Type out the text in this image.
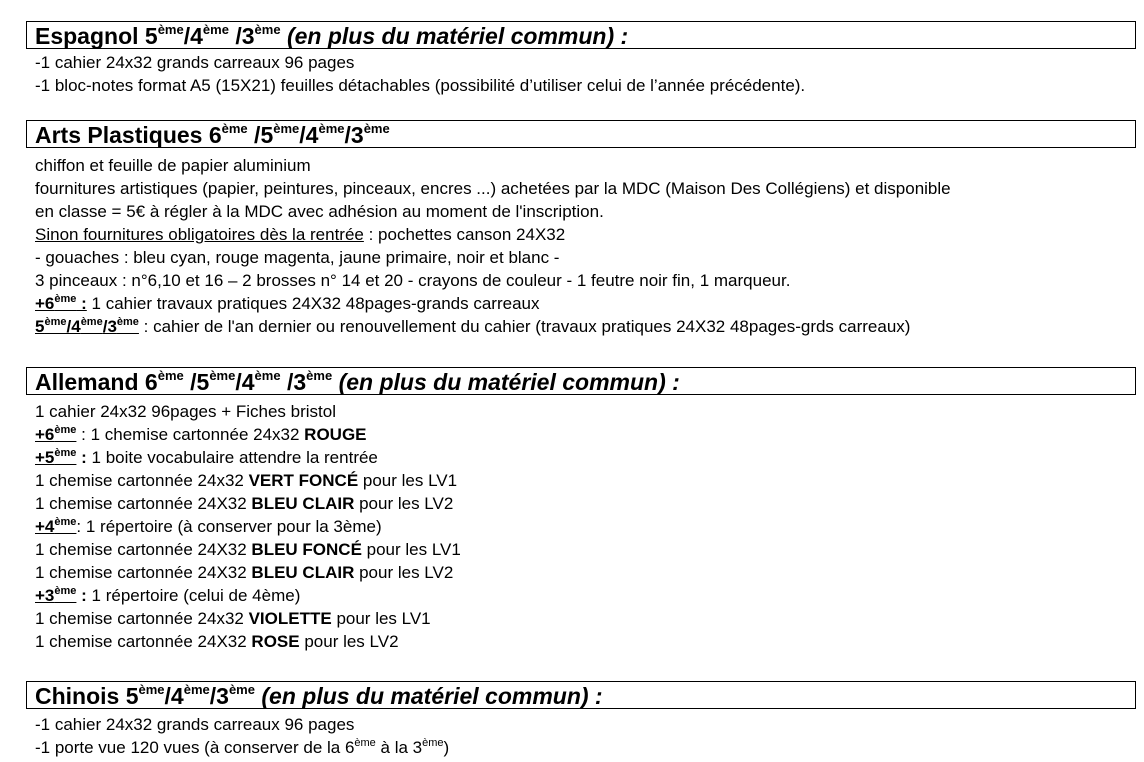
Espagnol 5ème/4ème /3ème (en plus du matériel commun) :
-1 cahier 24x32 grands carreaux 96 pages
-1 bloc-notes format A5 (15X21) feuilles détachables (possibilité d’utiliser celui de l’année précédente).
Arts Plastiques 6ème /5ème/4ème/3ème
chiffon et feuille de papier aluminium
fournitures artistiques (papier, peintures, pinceaux, encres ...) achetées par la MDC (Maison Des Collégiens) et disponible
en classe = 5€ à régler à la MDC avec adhésion au moment de l'inscription.
Sinon fournitures obligatoires dès la rentrée : pochettes canson 24X32
- gouaches : bleu cyan, rouge magenta, jaune primaire, noir et blanc -
3 pinceaux : n°6,10 et 16 – 2 brosses n° 14 et 20 - crayons de couleur - 1 feutre noir fin, 1 marqueur.
+6ème : 1 cahier travaux pratiques 24X32 48pages-grands carreaux
5ème/4ème/3ème : cahier de l'an dernier ou renouvellement du cahier (travaux pratiques 24X32 48pages-grds carreaux)
Allemand 6ème /5ème/4ème /3ème (en plus du matériel commun) :
1 cahier 24x32 96pages + Fiches bristol
+6ème : 1 chemise cartonnée 24x32 ROUGE
+5ème : 1 boite vocabulaire attendre la rentrée
1 chemise cartonnée 24x32 VERT FONCÉ pour les LV1
1 chemise cartonnée 24X32 BLEU CLAIR pour les LV2
+4ème: 1 répertoire (à conserver pour la 3ème)
1 chemise cartonnée 24X32 BLEU FONCÉ pour les LV1
1 chemise cartonnée 24X32 BLEU CLAIR pour les LV2
+3ème : 1 répertoire (celui de 4ème)
1 chemise cartonnée 24x32 VIOLETTE pour les LV1
1 chemise cartonnée 24X32 ROSE pour les LV2
Chinois 5ème/4ème/3ème (en plus du matériel commun) :
-1 cahier 24x32 grands carreaux 96 pages
-1 porte vue 120 vues (à conserver de la 6ème à la 3ème)
